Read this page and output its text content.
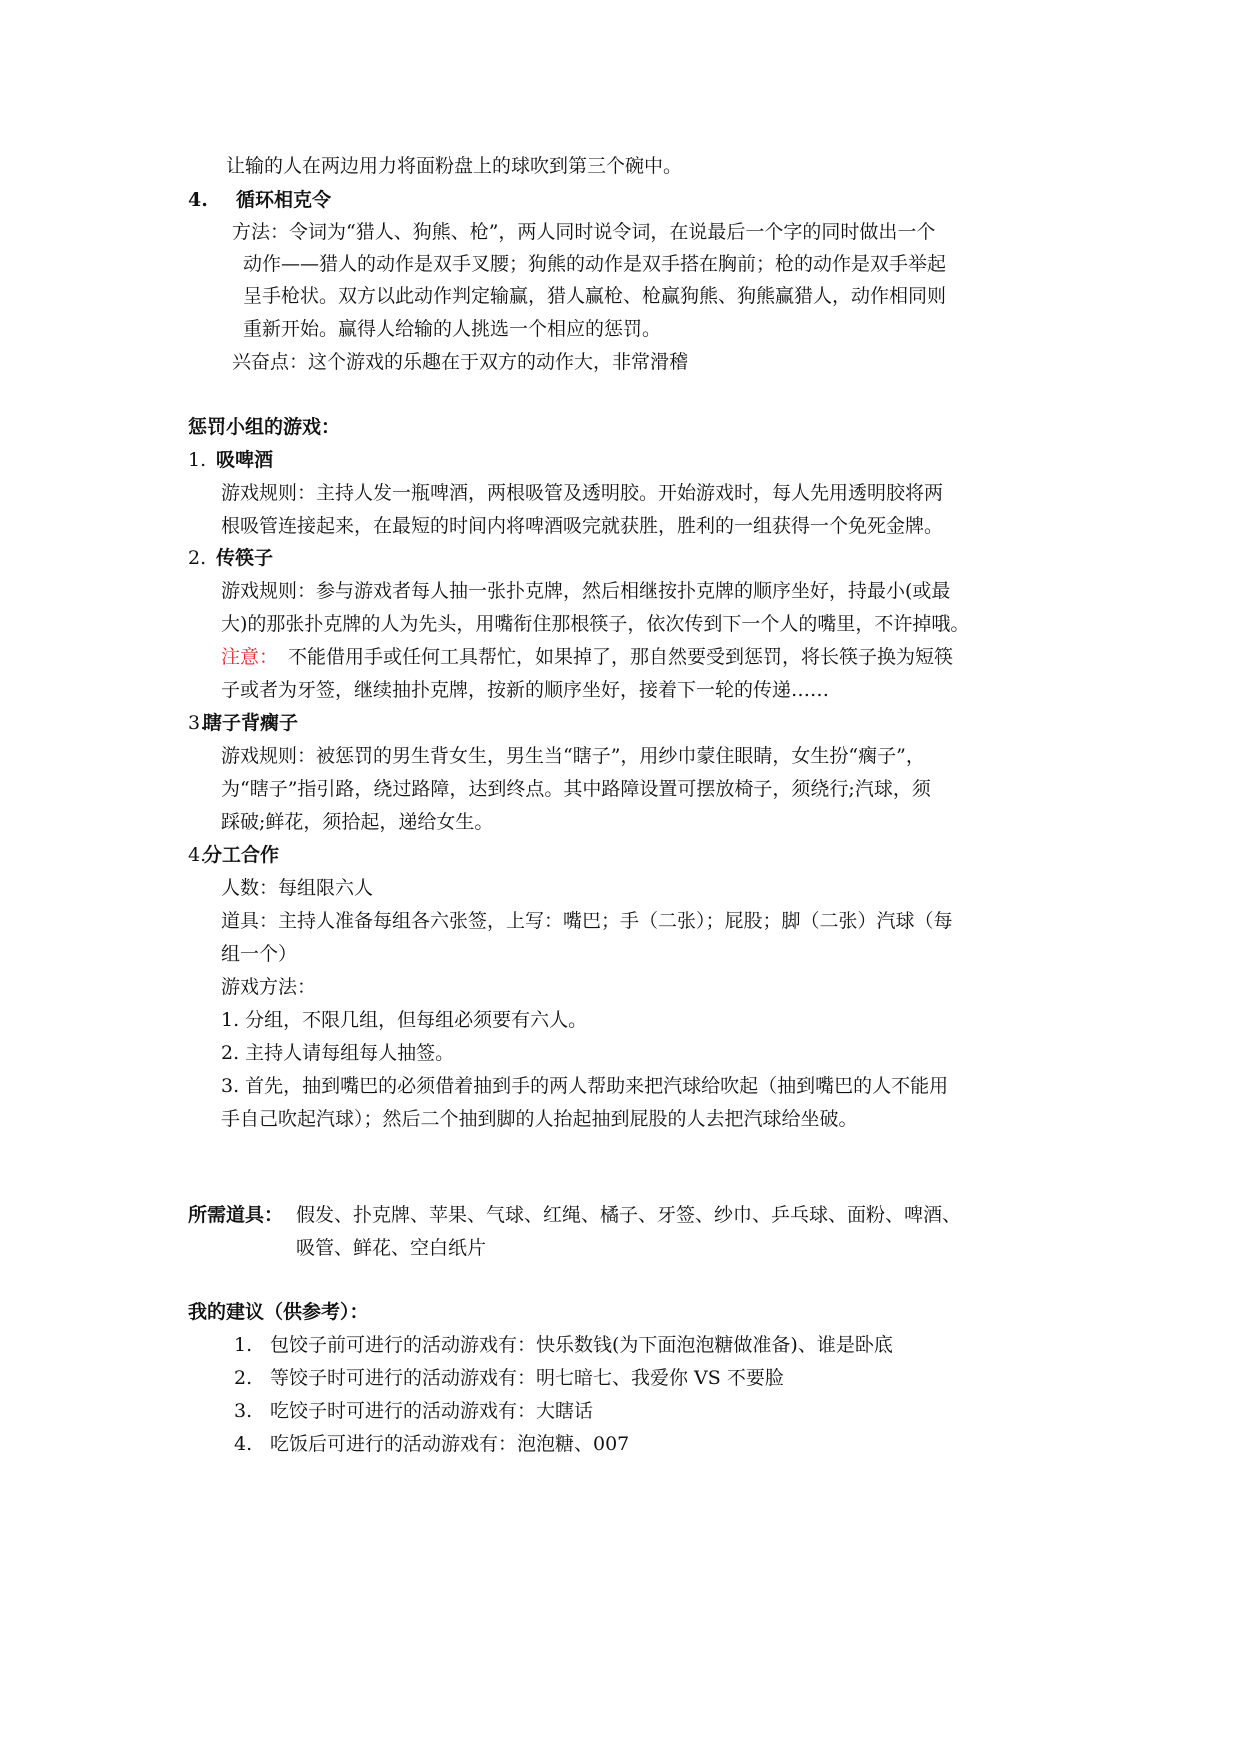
让输的人在两边用力将面粉盘上的球吹到第三个碗中。
4. 循环相克令
方法：令词为“猎人、狗熊、枪”，两人同时说令词，在说最后一个字的同时做出一个
动作——猎人的动作是双手叉腰；狗熊的动作是双手搭在胸前；枪的动作是双手举起
呈手枪状。双方以此动作判定输赢，猎人赢枪、枪赢狗熊、狗熊赢猎人，动作相同则
重新开始。赢得人给输的人挑选一个相应的惩罚。
兴奋点：这个游戏的乐趣在于双方的动作大，非常滑稽
惩罚小组的游戏：
1. 吸啤酒
游戏规则：主持人发一瓶啤酒，两根吸管及透明胶。开始游戏时，每人先用透明胶将两
根吸管连接起来，在最短的时间内将啤酒吸完就获胜，胜利的一组获得一个免死金牌。
2. 传筷子
游戏规则：参与游戏者每人抽一张扑克牌，然后相继按扑克牌的顺序坐好，持最小(或最
大)的那张扑克牌的人为先头，用嘴衔住那根筷子，依次传到下一个人的嘴里，不许掉哦。
注意： 不能借用手或任何工具帮忙，如果掉了，那自然要受到惩罚，将长筷子换为短筷
子或者为牙签，继续抽扑克牌，按新的顺序坐好，接着下一轮的传递……
3.
瞎子背瘸子
游戏规则：被惩罚的男生背女生，男生当“瞎子”，用纱巾蒙住眼睛，女生扮“瘸子”，
为“瞎子”指引路，绕过路障，达到终点。其中路障设置可摆放椅子，须绕行;汽球，须
踩破;鲜花，须拾起，递给女生。
4.
分工合作
人数：每组限六人
道具：主持人准备每组各六张签，上写：嘴巴；手（二张）；屁股；脚（二张）汽球（每
组一个）
游戏方法：
1. 分组，不限几组，但每组必须要有六人。
2. 主持人请每组每人抽签。
3. 首先，抽到嘴巴的必须借着抽到手的两人帮助来把汽球给吹起（抽到嘴巴的人不能用
手自己吹起汽球）；然后二个抽到脚的人抬起抽到屁股的人去把汽球给坐破。
所需道具： 假发、扑克牌、苹果、气球、红绳、橘子、牙签、纱巾、乒乓球、面粉、啤酒、
吸管、鲜花、空白纸片
我的建议（供参考）：
1. 包饺子前可进行的活动游戏有：快乐数钱(为下面泡泡糖做准备)、谁是卧底
2. 等饺子时可进行的活动游戏有：明七暗七、我爱你 VS 不要脸
3. 吃饺子时可进行的活动游戏有：大瞎话
4. 吃饭后可进行的活动游戏有：泡泡糖、007
